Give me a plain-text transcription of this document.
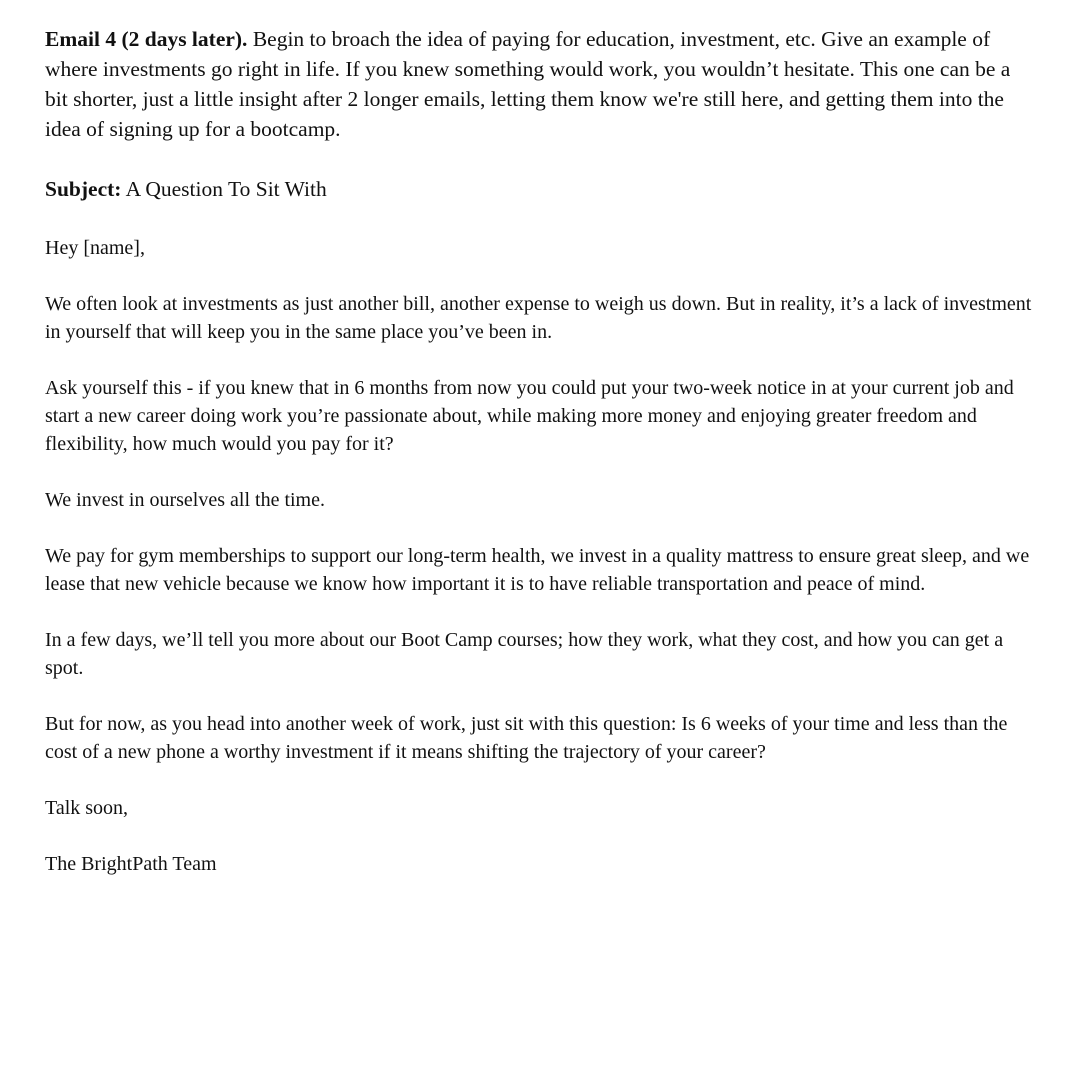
Email 4 (2 days later). Begin to broach the idea of paying for education, investment, etc. Give an example of where investments go right in life. If you knew something would work, you wouldn’t hesitate. This one can be a bit shorter, just a little insight after 2 longer emails, letting them know we're still here, and getting them into the idea of signing up for a bootcamp.

Subject: A Question To Sit With

Hey [name],

We often look at investments as just another bill, another expense to weigh us down. But in reality, it’s a lack of investment in yourself that will keep you in the same place you’ve been in.

Ask yourself this - if you knew that in 6 months from now you could put your two-week notice in at your current job and start a new career doing work you’re passionate about, while making more money and enjoying greater freedom and flexibility, how much would you pay for it?

We invest in ourselves all the time.

We pay for gym memberships to support our long-term health, we invest in a quality mattress to ensure great sleep, and we lease that new vehicle because we know how important it is to have reliable transportation and peace of mind.

In a few days, we’ll tell you more about our Boot Camp courses; how they work, what they cost, and how you can get a spot.

But for now, as you head into another week of work, just sit with this question: Is 6 weeks of your time and less than the cost of a new phone a worthy investment if it means shifting the trajectory of your career?

Talk soon,

The BrightPath Team
